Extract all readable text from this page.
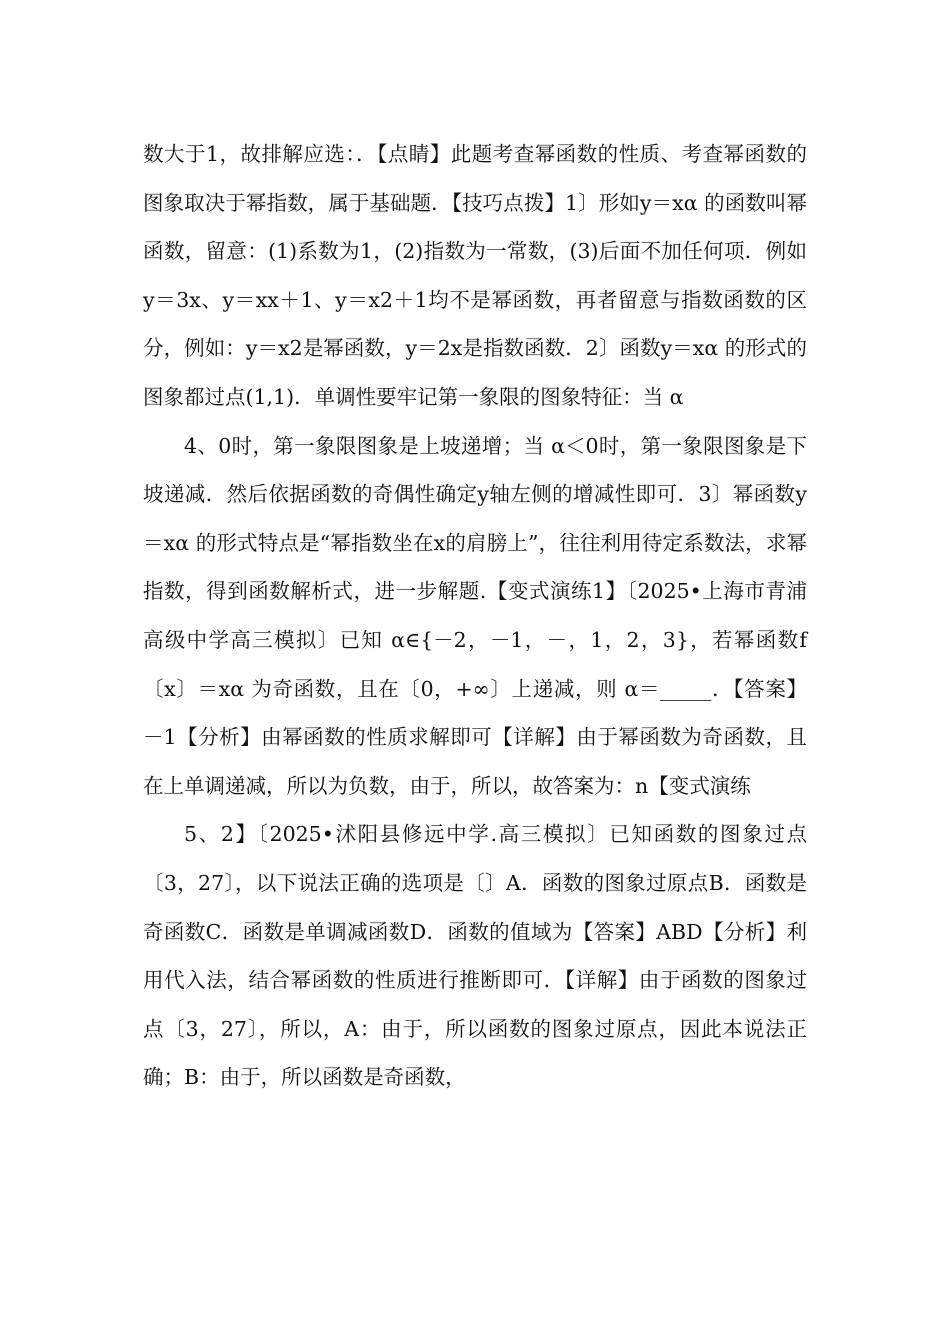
数大于1，故排解应选：．【点睛】此题考查幂函数的性质、考查幂函数的图象取决于幂指数，属于基础题．【技巧点拨】1〕形如y＝xα 的函数叫幂函数，留意：(1)系数为1，(2)指数为一常数，(3)后面不加任何项．例如y＝3x、y＝xx＋1、y＝x2＋1均不是幂函数，再者留意与指数函数的区分，例如：y＝x2是幂函数，y＝2x是指数函数．2〕函数y＝xα 的形式的图象都过点(1,1)．单调性要牢记第一象限的图象特征：当 α

4、0时，第一象限图象是上坡递增；当 α＜0时，第一象限图象是下坡递减．然后依据函数的奇偶性确定y轴左侧的增减性即可．3〕幂函数y＝xα 的形式特点是“幂指数坐在x的肩膀上”，往往利用待定系数法，求幂指数，得到函数解析式，进一步解题.【变式演练1】〔2025•上海市青浦高级中学高三模拟〕已知 α∈{－2，－1，－，1，2，3}，若幂函数f〔x〕＝xα 为奇函数，且在〔0，+∞〕上递减，则 α＝_____．【答案】－1【分析】由幂函数的性质求解即可【详解】由于幂函数为奇函数，且在上单调递减，所以为负数，由于，所以，故答案为：n【变式演练

5、2】〔2025•沭阳县修远中学.高三模拟〕已知函数的图象过点〔3，27〕，以下说法正确的选项是〔〕A．函数的图象过原点B．函数是奇函数C．函数是单调减函数D．函数的值域为【答案】ABD【分析】利用代入法，结合幂函数的性质进行推断即可．【详解】由于函数的图象过点〔3，27〕，所以，A：由于，所以函数的图象过原点，因此本说法正确；B：由于，所以函数是奇函数，
